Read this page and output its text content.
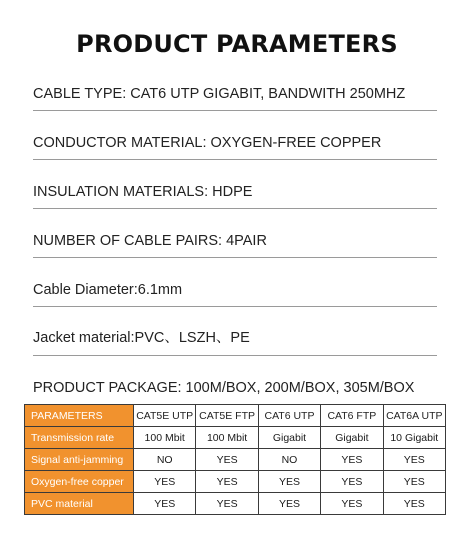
PRODUCT PARAMETERS
CABLE TYPE: CAT6 UTP GIGABIT, BANDWITH 250MHZ
CONDUCTOR MATERIAL: OXYGEN-FREE COPPER
INSULATION MATERIALS: HDPE
NUMBER OF CABLE PAIRS: 4PAIR
Cable Diameter:6.1mm
Jacket material:PVC、LSZH、PE
PRODUCT PACKAGE: 100M/BOX, 200M/BOX, 305M/BOX
PARAMETERS	CAT5E UTP	CAT5E FTP	CAT6 UTP	CAT6 FTP	CAT6A UTP
Transmission rate	100 Mbit	100 Mbit	Gigabit	Gigabit	10 Gigabit
Signal anti-jamming	NO	YES	NO	YES	YES
Oxygen-free copper	YES	YES	YES	YES	YES
PVC material	YES	YES	YES	YES	YES
